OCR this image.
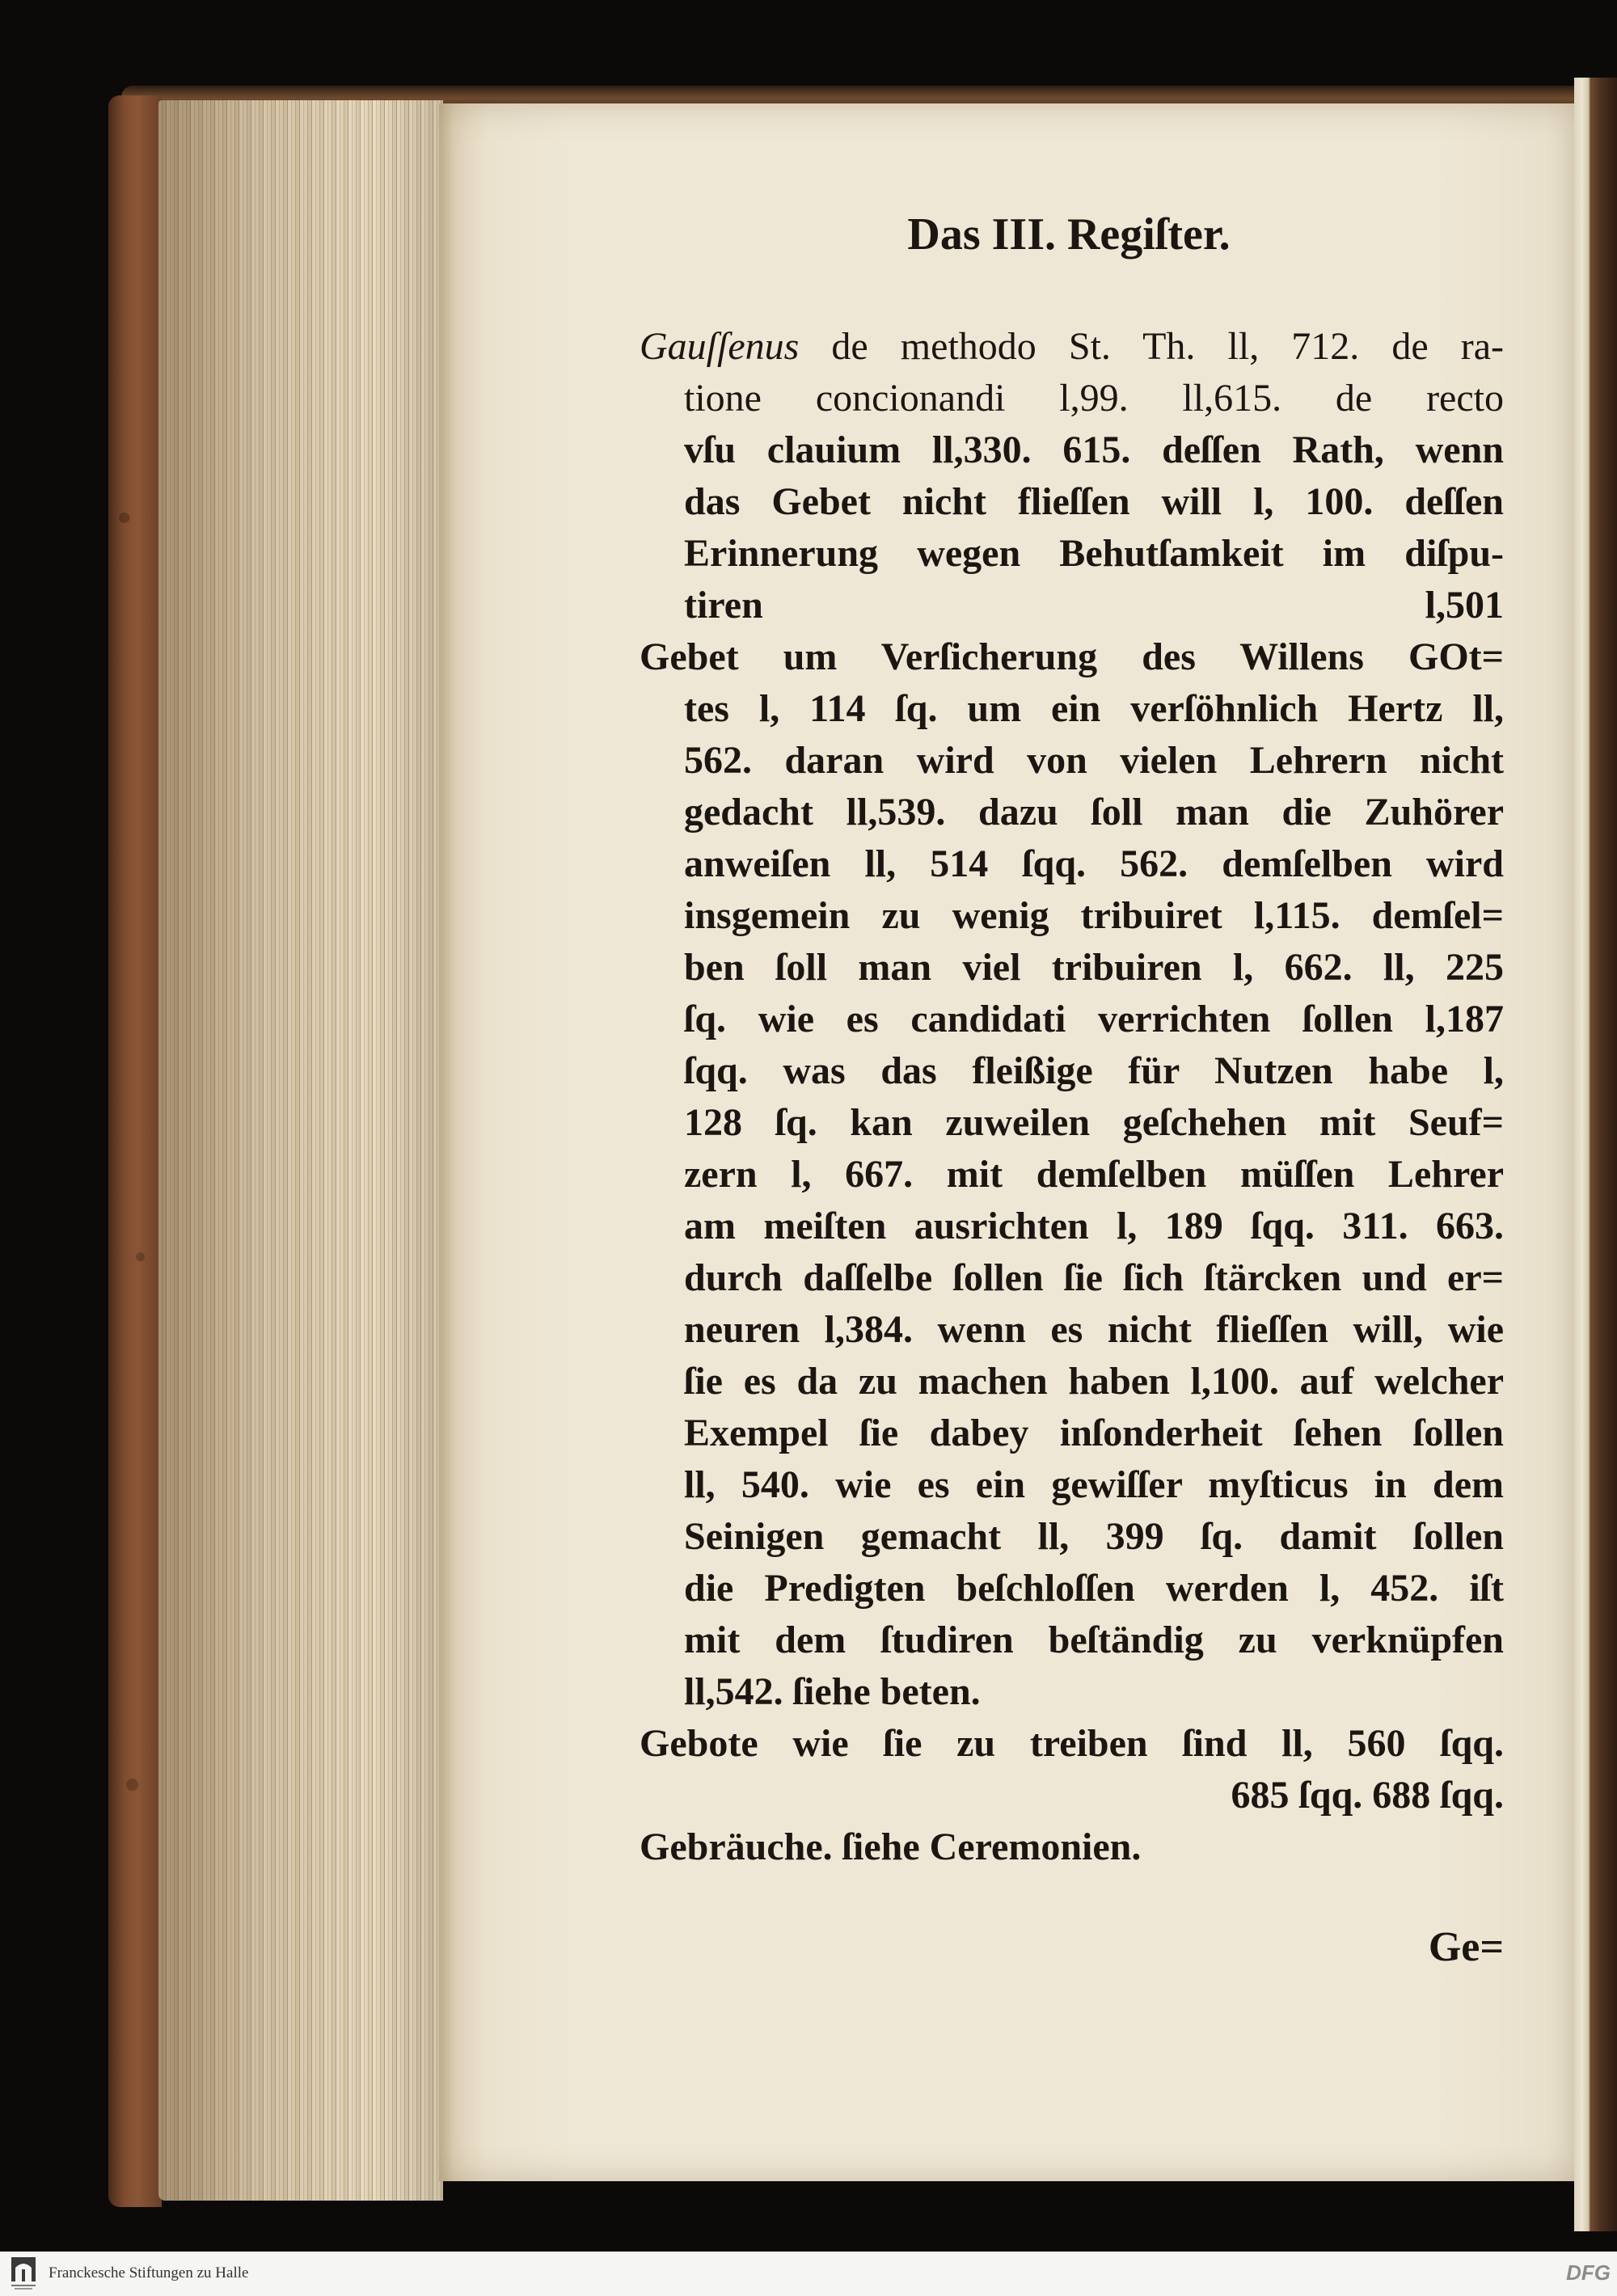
Das III. Regiſter.
Gauſſenus de methodo St. Th. ll, 712. de ra-
tione concionandi l,99. ll,615. de recto
vſu clauium ll,330. 615. deſſen Rath, wenn
das Gebet nicht flieſſen will l, 100. deſſen
Erinnerung wegen Behutſamkeit im diſpu-
tiren l,501
Gebet um Verſicherung des Willens GOt=
tes l, 114 ſq. um ein verſöhnlich Hertz ll,
562. daran wird von vielen Lehrern nicht
gedacht ll,539. dazu ſoll man die Zuhörer
anweiſen ll, 514 ſqq. 562. demſelben wird
insgemein zu wenig tribuiret l,115. demſel=
ben ſoll man viel tribuiren l, 662. ll, 225
ſq. wie es candidati verrichten ſollen l,187
ſqq. was das fleißige für Nutzen habe l,
128 ſq. kan zuweilen geſchehen mit Seuf=
zern l, 667. mit demſelben müſſen Lehrer
am meiſten ausrichten l, 189 ſqq. 311. 663.
durch daſſelbe ſollen ſie ſich ſtärcken und er=
neuren l,384. wenn es nicht flieſſen will, wie
ſie es da zu machen haben l,100. auf welcher
Exempel ſie dabey inſonderheit ſehen ſollen
ll, 540. wie es ein gewiſſer myſticus in dem
Seinigen gemacht ll, 399 ſq. damit ſollen
die Predigten beſchloſſen werden l, 452. iſt
mit dem ſtudiren beſtändig zu verknüpfen
ll,542. ſiehe beten.
Gebote wie ſie zu treiben ſind ll, 560 ſqq.
685 ſqq. 688 ſqq.
Gebräuche. ſiehe Ceremonien.
Ge=
Franckesche Stiftungen zu Halle	DFG
